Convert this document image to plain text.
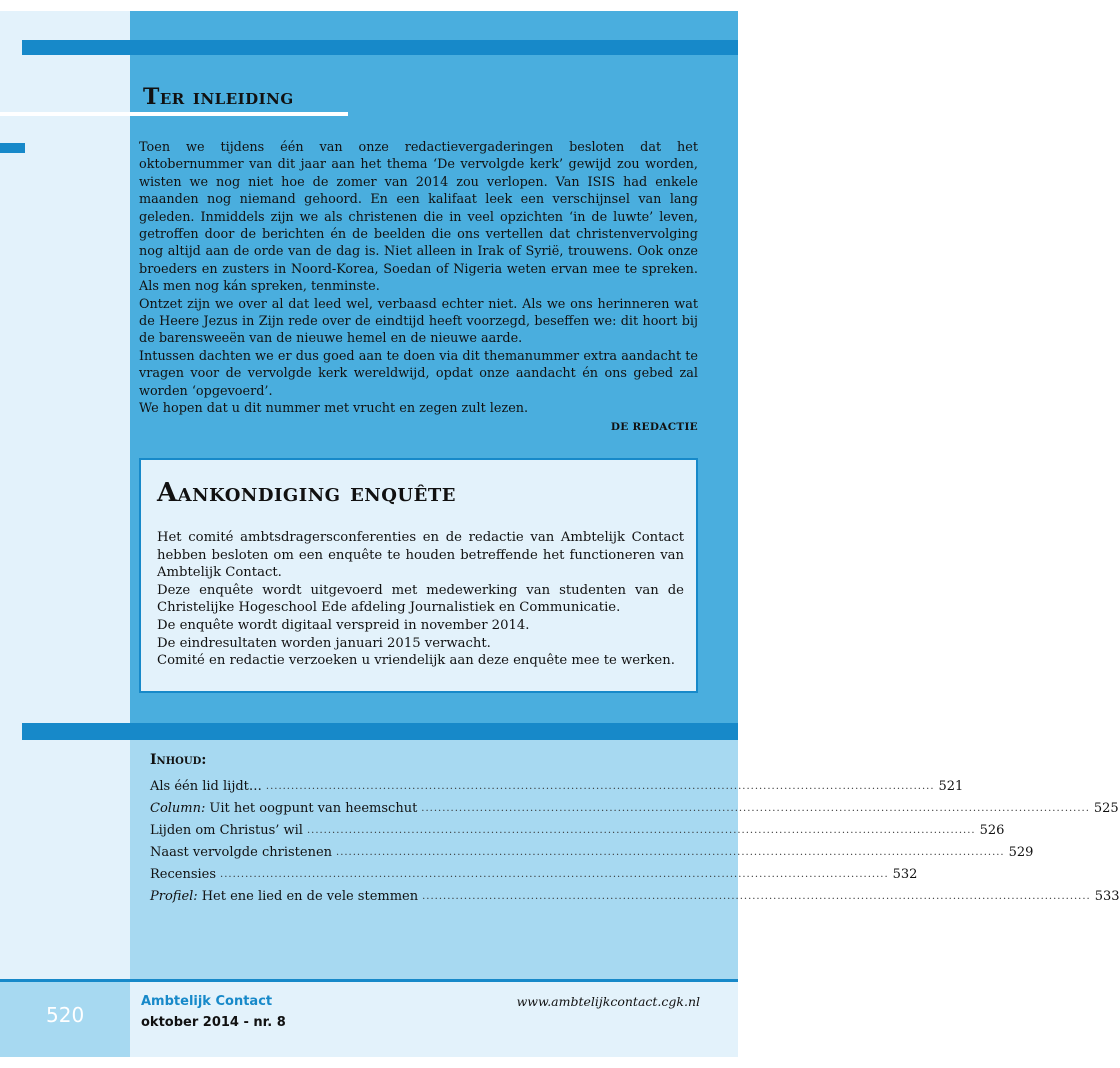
Ter inleiding

Toen we tijdens één van onze redactievergaderingen besloten dat het oktobernummer van dit jaar aan het thema ‘De vervolgde kerk’ gewijd zou worden, wisten we nog niet hoe de zomer van 2014 zou verlopen. Van ISIS had enkele maanden nog niemand gehoord. En een kalifaat leek een verschijnsel van lang geleden. Inmiddels zijn we als christenen die in veel opzichten ‘in de luwte’ leven, getroffen door de berichten én de beelden die ons vertellen dat christenvervolging nog altijd aan de orde van de dag is. Niet alleen in Irak of Syrië, trouwens. Ook onze broeders en zusters in Noord-Korea, Soedan of Nigeria weten ervan mee te spreken. Als men nog kán spreken, tenminste.

Ontzet zijn we over al dat leed wel, verbaasd echter niet. Als we ons herinneren wat de Heere Jezus in Zijn rede over de eindtijd heeft voorzegd, beseffen we: dit hoort bij de barensweeën van de nieuwe hemel en de nieuwe aarde.

Intussen dachten we er dus goed aan te doen via dit themanummer extra aandacht te vragen voor de vervolgde kerk wereldwijd, opdat onze aandacht én ons gebed zal worden ‘opgevoerd’.

We hopen dat u dit nummer met vrucht en zegen zult lezen.

DE REDACTIE
Aankondiging enquête

Het comité ambtsdragersconferenties en de redactie van Ambtelijk Contact hebben besloten om een enquête te houden betreffende het functioneren van Ambtelijk Contact.

Deze enquête wordt uitgevoerd met medewerking van studenten van de Christelijke Hogeschool Ede afdeling Journalistiek en Communicatie.

De enquête wordt digitaal verspreid in november 2014.

De eindresultaten worden januari 2015 verwacht.

Comité en redactie verzoeken u vriendelijk aan deze enquête mee te werken.

Inhoud:
Als één lid lijdt… ................................................................................................................................................................ 521
Column: Uit het oogpunt van heemschut ................................................................................................................................................................ 525
Lijden om Christus’ wil ................................................................................................................................................................ 526
Naast vervolgde christenen ................................................................................................................................................................ 529
Recensies ................................................................................................................................................................ 532
Profiel: Het ene lied en de vele stemmen ................................................................................................................................................................ 533
520
Ambtelijk Contact
oktober 2014 - nr. 8
www.ambtelijkcontact.cgk.nl
